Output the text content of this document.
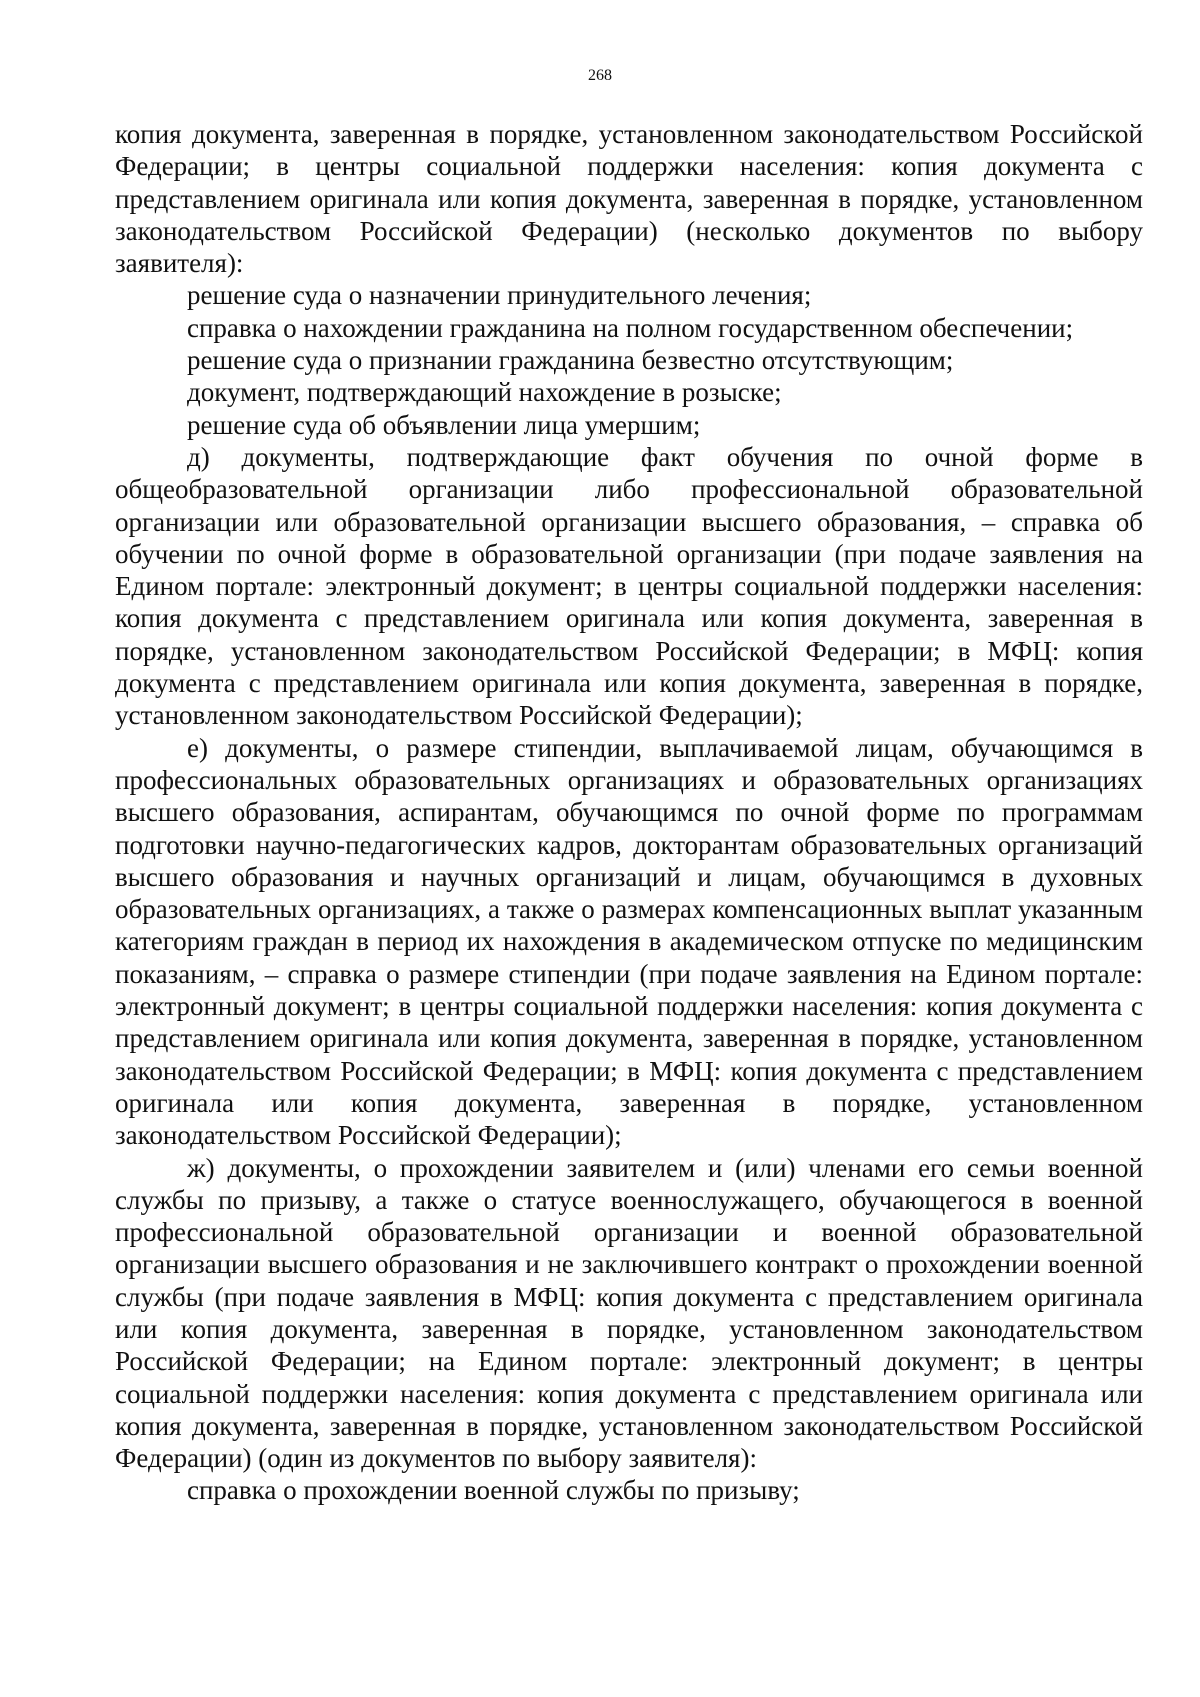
268

копия документа, заверенная в порядке, установленном законодательством Российской Федерации; в центры социальной поддержки населения: копия документа с представлением оригинала или копия документа, заверенная в порядке, установленном законодательством Российской Федерации) (несколько документов по выбору заявителя):

решение суда о назначении принудительного лечения;

справка о нахождении гражданина на полном государственном обеспечении;

решение суда о признании гражданина безвестно отсутствующим;

документ, подтверждающий нахождение в розыске;

решение суда об объявлении лица умершим;

д) документы, подтверждающие факт обучения по очной форме в общеобразовательной организации либо профессиональной образовательной организации или образовательной организации высшего образования, – справка об обучении по очной форме в образовательной организации (при подаче заявления на Едином портале: электронный документ; в центры социальной поддержки населения: копия документа с представлением оригинала или копия документа, заверенная в порядке, установленном законодательством Российской Федерации; в МФЦ: копия документа с представлением оригинала или копия документа, заверенная в порядке, установленном законодательством Российской Федерации);

е) документы, о размере стипендии, выплачиваемой лицам, обучающимся в профессиональных образовательных организациях и образовательных организациях высшего образования, аспирантам, обучающимся по очной форме по программам подготовки научно-педагогических кадров, докторантам образовательных организаций высшего образования и научных организаций и лицам, обучающимся в духовных образовательных организациях, а также о размерах компенсационных выплат указанным категориям граждан в период их нахождения в академическом отпуске по медицинским показаниям, – справка о размере стипендии (при подаче заявления на Едином портале: электронный документ; в центры социальной поддержки населения: копия документа с представлением оригинала или копия документа, заверенная в порядке, установленном законодательством Российской Федерации; в МФЦ: копия документа с представлением оригинала или копия документа, заверенная в порядке, установленном законодательством Российской Федерации);

ж) документы, о прохождении заявителем и (или) членами его семьи военной службы по призыву, а также о статусе военнослужащего, обучающегося в военной профессиональной образовательной организации и военной образовательной организации высшего образования и не заключившего контракт о прохождении военной службы (при подаче заявления в МФЦ: копия документа с представлением оригинала или копия документа, заверенная в порядке, установленном законодательством Российской Федерации; на Едином портале: электронный документ; в центры социальной поддержки населения: копия документа с представлением оригинала или копия документа, заверенная в порядке, установленном законодательством Российской Федерации) (один из документов по выбору заявителя):

справка о прохождении военной службы по призыву;
